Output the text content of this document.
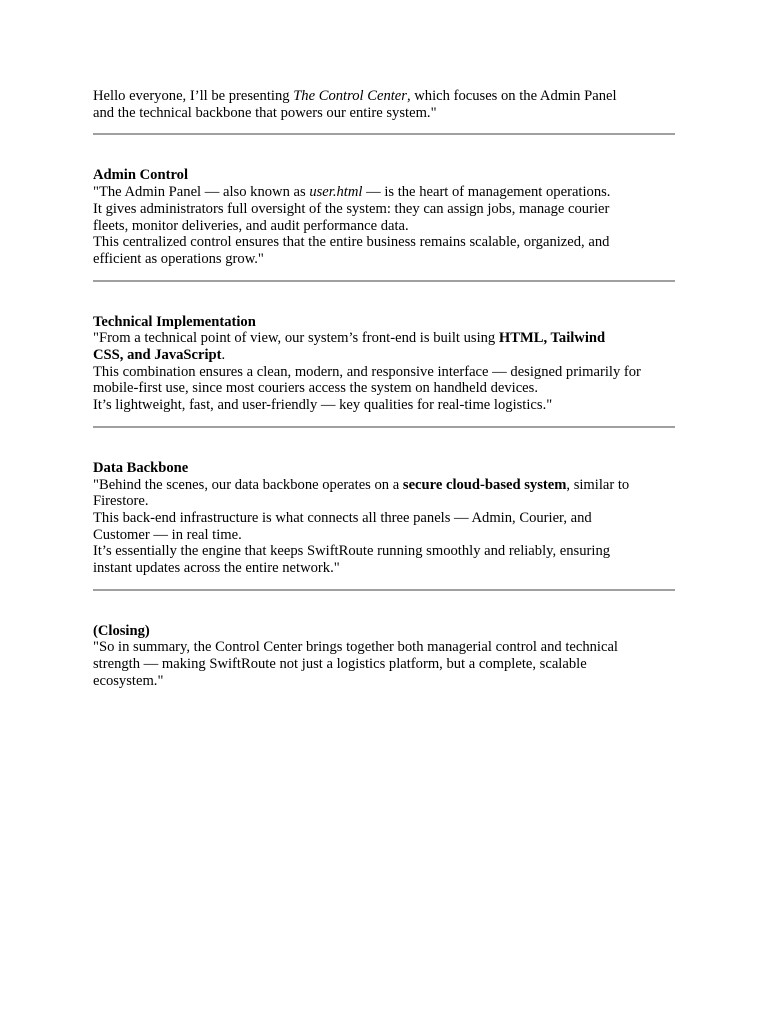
Hello everyone, I’ll be presenting The Control Center, which focuses on the Admin Panel
and the technical backbone that powers our entire system."

Admin Control
"The Admin Panel — also known as user.html — is the heart of management operations.
It gives administrators full oversight of the system: they can assign jobs, manage courier
fleets, monitor deliveries, and audit performance data.
This centralized control ensures that the entire business remains scalable, organized, and
efficient as operations grow."

Technical Implementation
"From a technical point of view, our system’s front-end is built using HTML, Tailwind
CSS, and JavaScript.
This combination ensures a clean, modern, and responsive interface — designed primarily for
mobile-first use, since most couriers access the system on handheld devices.
It’s lightweight, fast, and user-friendly — key qualities for real-time logistics."

Data Backbone
"Behind the scenes, our data backbone operates on a secure cloud-based system, similar to
Firestore.
This back-end infrastructure is what connects all three panels — Admin, Courier, and
Customer — in real time.
It’s essentially the engine that keeps SwiftRoute running smoothly and reliably, ensuring
instant updates across the entire network."

(Closing)
"So in summary, the Control Center brings together both managerial control and technical
strength — making SwiftRoute not just a logistics platform, but a complete, scalable
ecosystem."
